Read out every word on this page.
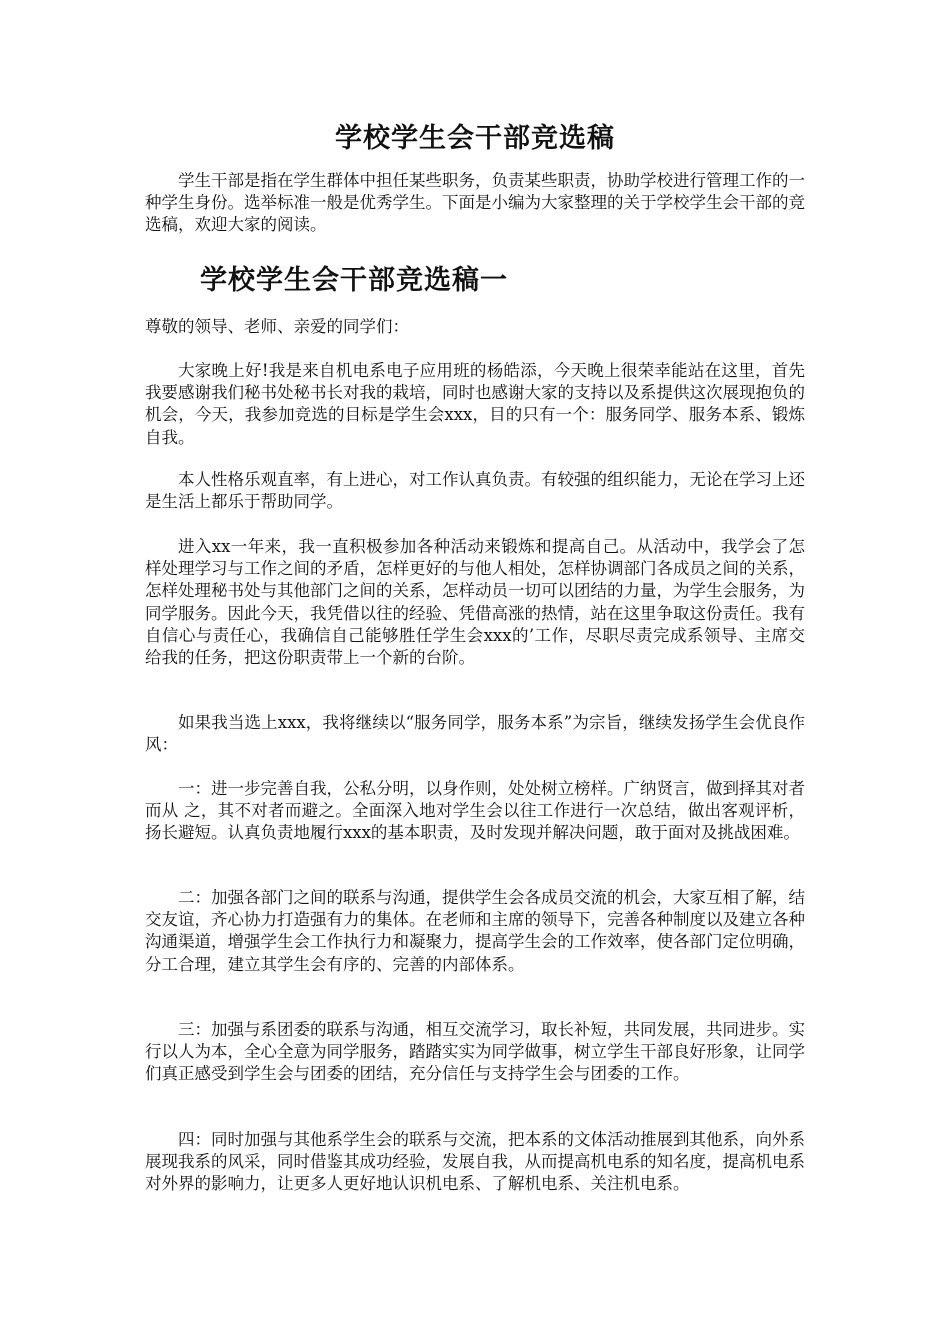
学校学生会干部竞选稿

学生干部是指在学生群体中担任某些职务，负责某些职责，协助学校进行管理工作的一种学生身份。选举标准一般是优秀学生。下面是小编为大家整理的关于学校学生会干部的竞选稿，欢迎大家的阅读。

学校学生会干部竞选稿一

尊敬的领导、老师、亲爱的同学们：

大家晚上好!我是来自机电系电子应用班的杨皓添，今天晚上很荣幸能站在这里，首先我要感谢我们秘书处秘书长对我的栽培，同时也感谢大家的支持以及系提供这次展现抱负的机会，今天，我参加竞选的目标是学生会xxx，目的只有一个：服务同学、服务本系、锻炼自我。

本人性格乐观直率，有上进心，对工作认真负责。有较强的组织能力，无论在学习上还是生活上都乐于帮助同学。

进入xx一年来，我一直积极参加各种活动来锻炼和提高自己。从活动中，我学会了怎样处理学习与工作之间的矛盾，怎样更好的与他人相处，怎样协调部门各成员之间的关系，怎样处理秘书处与其他部门之间的关系，怎样动员一切可以团结的力量，为学生会服务，为同学服务。因此今天，我凭借以往的经验、凭借高涨的热情，站在这里争取这份责任。我有自信心与责任心，我确信自己能够胜任学生会xxx的’工作，尽职尽责完成系领导、主席交给我的任务，把这份职责带上一个新的台阶。

如果我当选上xxx，我将继续以“服务同学，服务本系”为宗旨，继续发扬学生会优良作风：

一：进一步完善自我，公私分明，以身作则，处处树立榜样。广纳贤言，做到择其对者而从 之，其不对者而避之。全面深入地对学生会以往工作进行一次总结，做出客观评析，扬长避短。认真负责地履行xxx的基本职责，及时发现并解决问题，敢于面对及挑战困难。

二：加强各部门之间的联系与沟通，提供学生会各成员交流的机会，大家互相了解，结交友谊，齐心协力打造强有力的集体。在老师和主席的领导下，完善各种制度以及建立各种沟通渠道，增强学生会工作执行力和凝聚力，提高学生会的工作效率，使各部门定位明确，分工合理，建立其学生会有序的、完善的内部体系。

三：加强与系团委的联系与沟通，相互交流学习，取长补短，共同发展，共同进步。实行以人为本，全心全意为同学服务，踏踏实实为同学做事，树立学生干部良好形象，让同学们真正感受到学生会与团委的团结，充分信任与支持学生会与团委的工作。

四：同时加强与其他系学生会的联系与交流，把本系的文体活动推展到其他系，向外系展现我系的风采，同时借鉴其成功经验，发展自我，从而提高机电系的知名度，提高机电系对外界的影响力，让更多人更好地认识机电系、了解机电系、关注机电系。
